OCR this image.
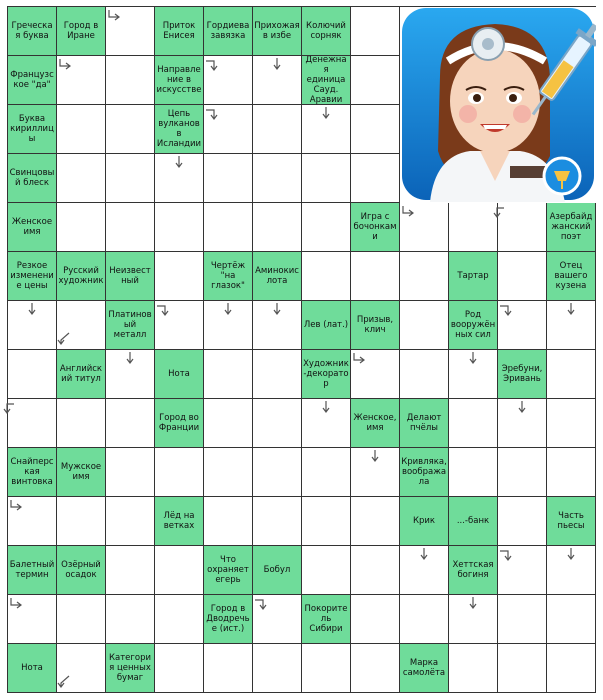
Греческая буква
Город в Иране
Приток Енисея
Гордиева завязка
Прихожая в избе
Колючий сорняк
Французское "да"
Направление в искусстве
Денежная единица Сауд. Аравии
Буква кириллицы
Цепь вулканов в Исландии
Свинцовый блеск
Женское имя
Игра с бочонками
Азербайджанский поэт
Резкое изменение цены
Русский художник
Неизвестный
Чертёж "на глазок"
Аминокислота	Тартар
Отец вашего кузена
Платиновый металл
Лев (лат.)	Призыв, клич
Род вооружённых сил
Английский титул	Нота
Художник-декоратор
Эребуни, Эривань
Город во Франции
Женское, имя
Делают пчёлы
Снайперская винтовка
Мужское имя
Кривляка, воображала
Лёд на ветках	Крик	...-банк	Часть пьесы
Балетный термин
Озёрный осадок
Что охраняет егерь
Бобул	Хеттская богиня
Город в Дводречье (ист.)
Покоритель Сибири
Нота
Категория ценных бумаг
Марка самолёта
